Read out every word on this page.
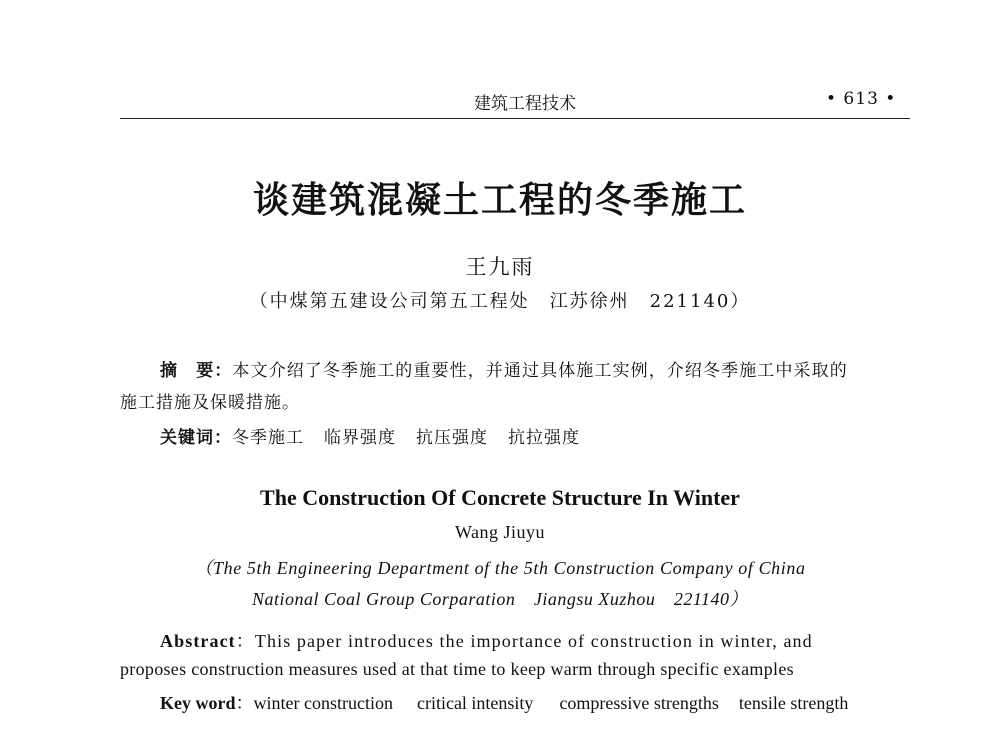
建筑工程技术	• 613 •
谈建筑混凝土工程的冬季施工
王九雨
（中煤第五建设公司第五工程处　江苏徐州　221140）
摘　要：本文介绍了冬季施工的重要性，并通过具体施工实例，介绍冬季施工中采取的
施工措施及保暖措施。
关键词：冬季施工 临界强度 抗压强度 抗拉强度
The Construction Of Concrete Structure In Winter
Wang Jiuyu
（The 5th Engineering Department of the 5th Construction Company of China
National Coal Group Corparation　Jiangsu Xuzhou　221140）
Abstract：This paper introduces the importance of construction in winter, and
proposes construction measures used at that time to keep warm through specific examples
Key word：winter construction critical intensity compressive strengths tensile strength
